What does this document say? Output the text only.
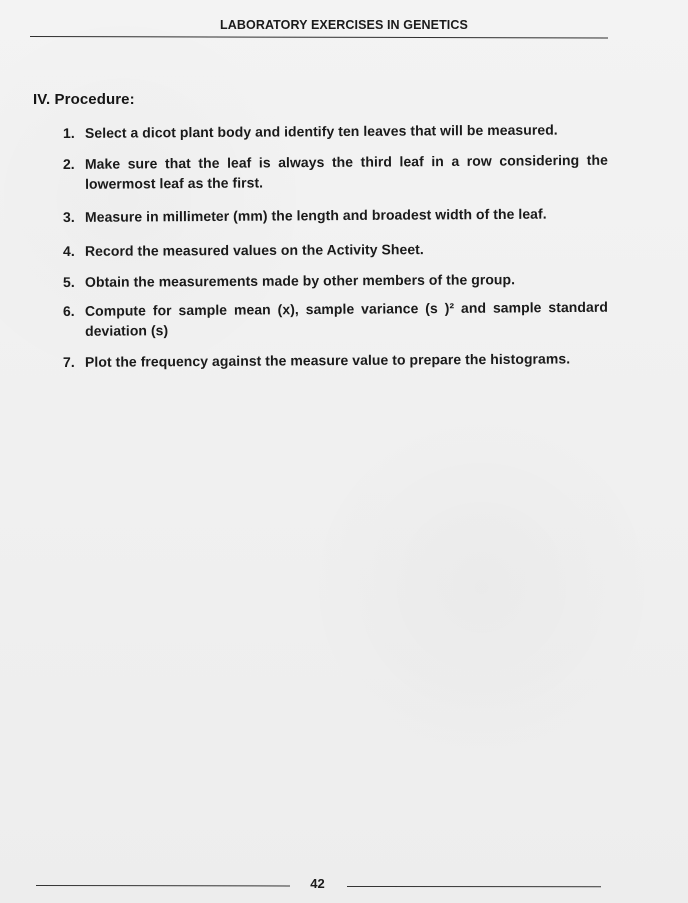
LABORATORY EXERCISES IN GENETICS
IV. Procedure:
1. Select a dicot plant body and identify ten leaves that will be measured.
2. Make sure that the leaf is always the third leaf in a row considering the lowermost leaf as the first.
3. Measure in millimeter (mm) the length and broadest width of the leaf.
4. Record the measured values on the Activity Sheet.
5. Obtain the measurements made by other members of the group.
6. Compute for sample mean (x), sample variance (s )² and sample standard deviation (s)
7. Plot the frequency against the measure value to prepare the histograms.
42
